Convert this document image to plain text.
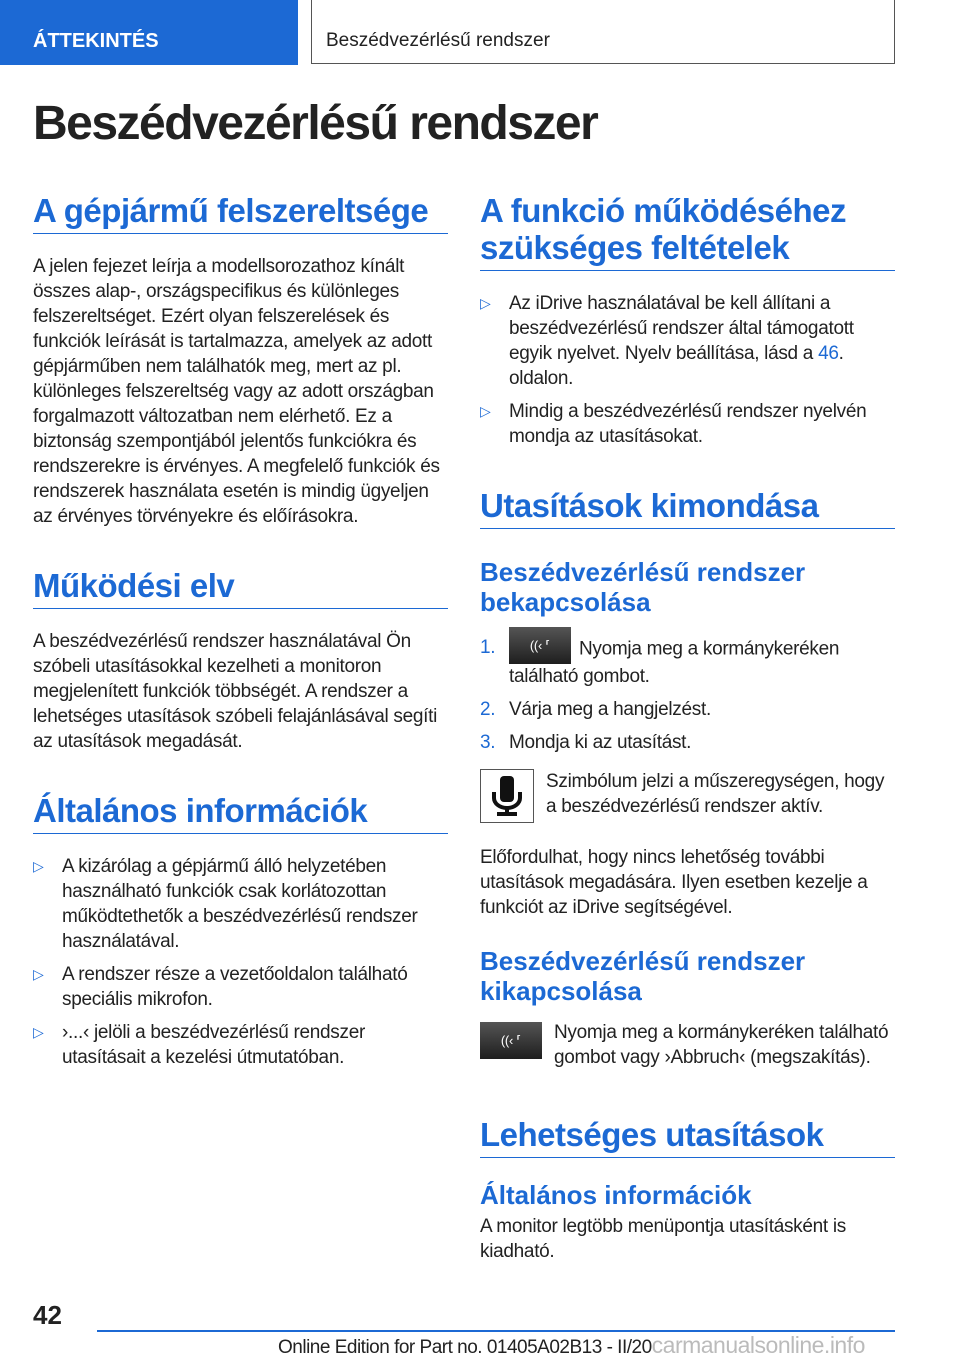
ÁTTEKINTÉS	Beszédvezérlésű rendszer
Beszédvezérlésű rendszer
A gépjármű felszereltsége

A jelen fejezet leírja a modellsorozathoz kínált összes alap-, országspecifikus és különleges felszereltséget. Ezért olyan felszerelések és funkciók leírását is tartalmazza, amelyek az adott gépjárműben nem találhatók meg, mert az pl. különleges felszereltség vagy az adott országban forgalmazott változatban nem elérhető. Ez a biztonság szempontjából jelentős funkciókra és rendszerekre is érvényes. A megfelelő funkciók és rendszerek használata esetén is mindig ügyeljen az érvényes törvényekre és előírásokra.

Működési elv

A beszédvezérlésű rendszer használatával Ön szóbeli utasításokkal kezelheti a monitoron megjelenített funkciók többségét. A rendszer a lehetséges utasítások szóbeli felajánlásával segíti az utasítások megadását.

Általános információk
▷ A kizárólag a gépjármű álló helyzetében használható funkciók csak korlátozottan működtethetők a beszédvezérlésű rendszer használatával.
▷ A rendszer része a vezetőoldalon található speciális mikrofon.
▷ ›...‹ jelöli a beszédvezérlésű rendszer utasításait a kezelési útmutatóban.
A funkció működéséhez szükséges feltételek
▷ Az iDrive használatával be kell állítani a beszédvezérlésű rendszer által támogatott egyik nyelvet. Nyelv beállítása, lásd a 46. oldalon.
▷ Mindig a beszédvezérlésű rendszer nyelvén mondja az utasításokat.
Utasítások kimondása
Beszédvezérlésű rendszer bekapcsolása
1.	((‹ ⸢ Nyomja meg a kormánykeréken található gombot.
2. Várja meg a hangjelzést.
3. Mondja ki az utasítást.

Szimbólum jelzi a műszeregységen, hogy a beszédvezérlésű rendszer aktív.

Előfordulhat, hogy nincs lehetőség további utasítások megadására. Ilyen esetben kezelje a funkciót az iDrive segítségével.

Beszédvezérlésű rendszer kikapcsolása

((‹ ⸢	Nyomja meg a kormánykeréken található gombot vagy ›Abbruch‹ (megszakítás).

Lehetséges utasítások
Általános információk

A monitor legtöbb menüpontja utasításként is kiadható.

42
Online Edition for Part no. 01405A02B13 - II/20carmanualsonline.info
